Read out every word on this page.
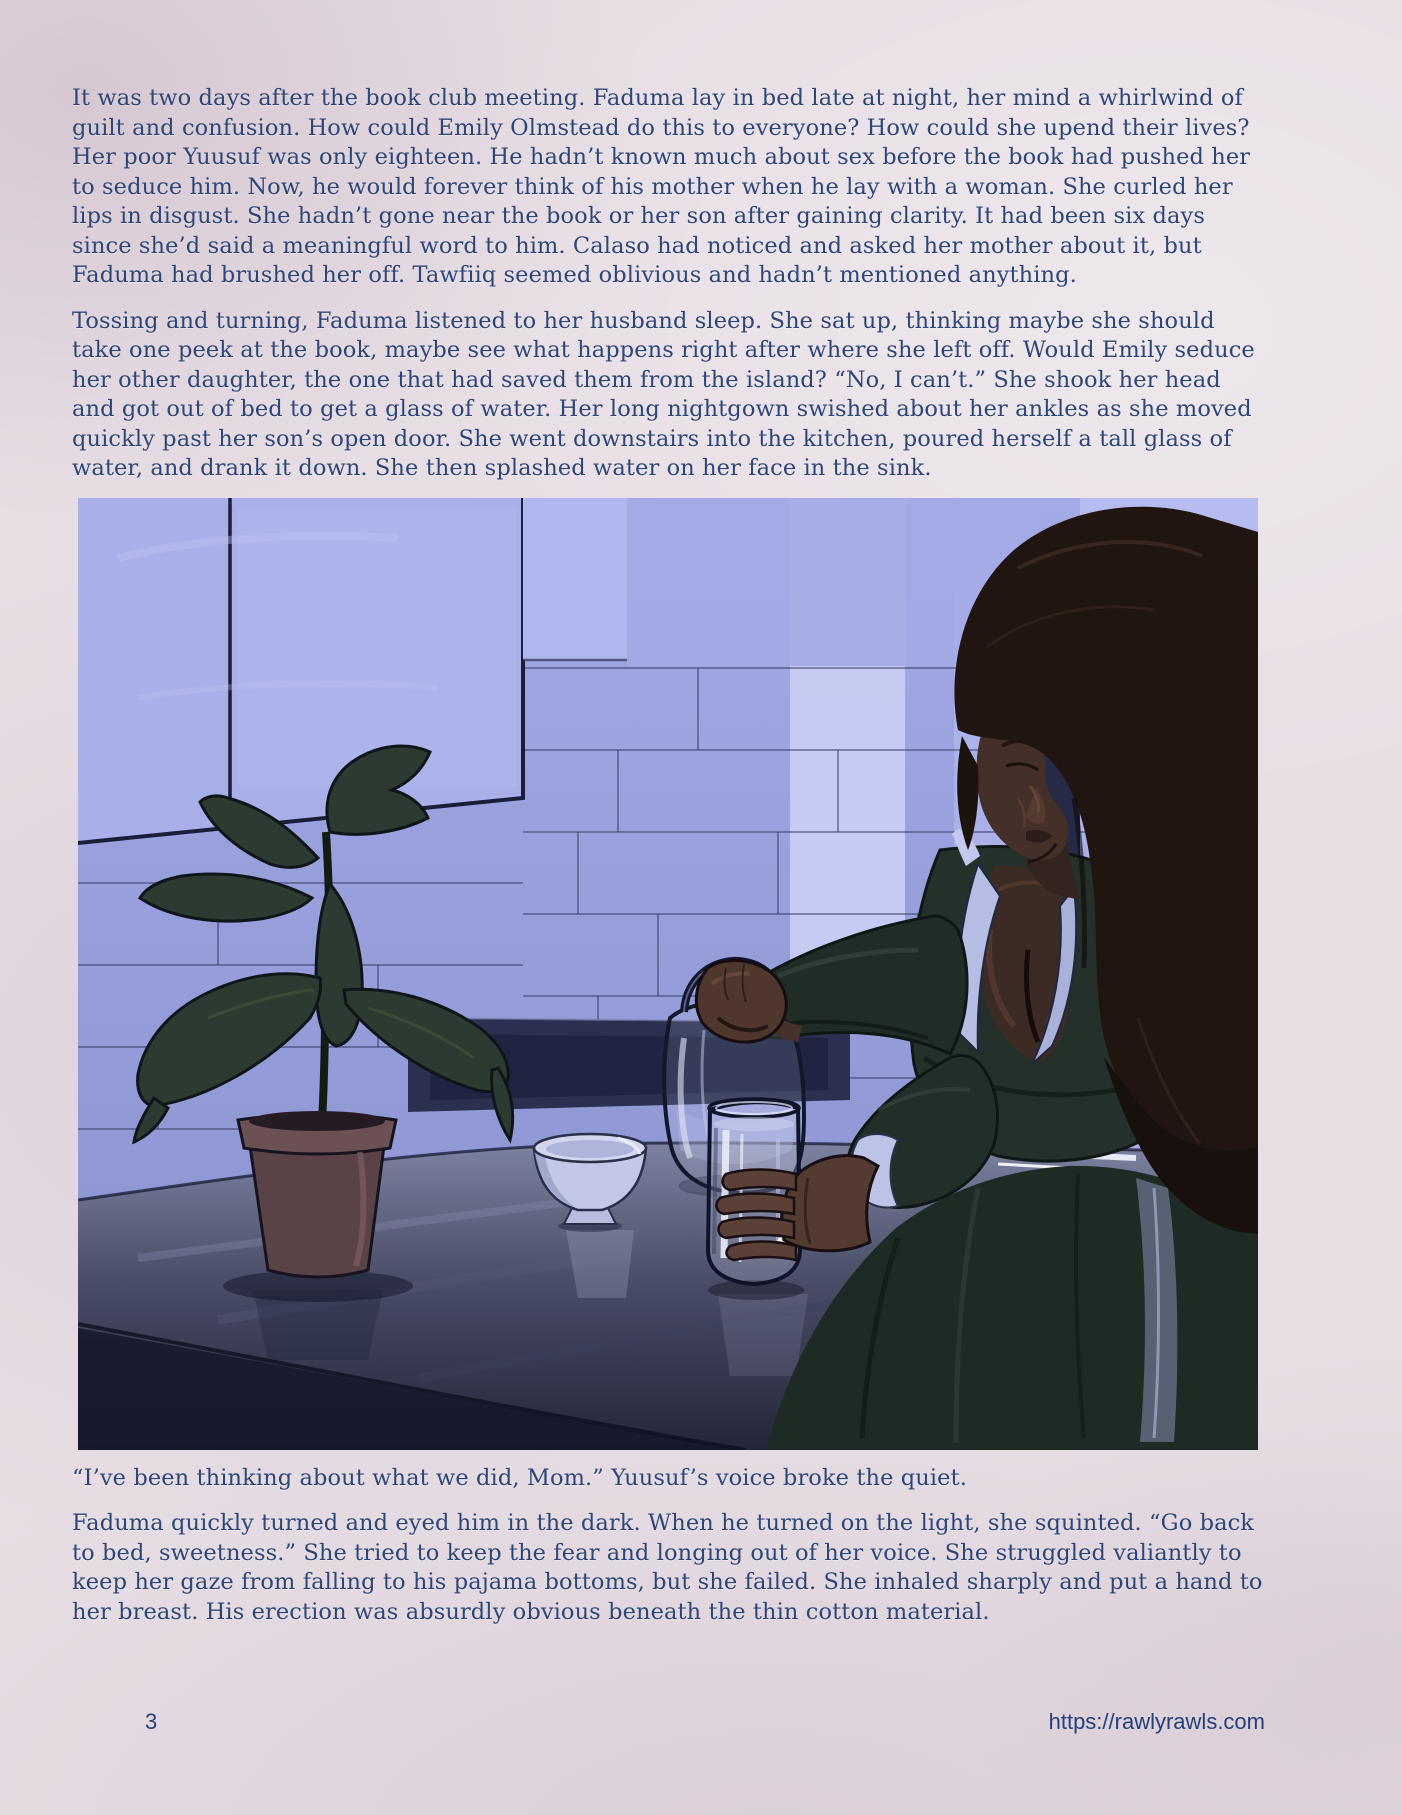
It was two days after the book club meeting. Faduma lay in bed late at night, her mind a whirlwind of guilt and confusion. How could Emily Olmstead do this to everyone? How could she upend their lives? Her poor Yuusuf was only eighteen. He hadn’t known much about sex before the book had pushed her to seduce him. Now, he would forever think of his mother when he lay with a woman. She curled her lips in disgust. She hadn’t gone near the book or her son after gaining clarity. It had been six days since she’d said a meaningful word to him. Calaso had noticed and asked her mother about it, but Faduma had brushed her off. Tawfiiq seemed oblivious and hadn’t mentioned anything.

Tossing and turning, Faduma listened to her husband sleep. She sat up, thinking maybe she should take one peek at the book, maybe see what happens right after where she left off. Would Emily seduce her other daughter, the one that had saved them from the island? “No, I can’t.” She shook her head and got out of bed to get a glass of water. Her long nightgown swished about her ankles as she moved quickly past her son’s open door. She went downstairs into the kitchen, poured herself a tall glass of water, and drank it down. She then splashed water on her face in the sink.

“I’ve been thinking about what we did, Mom.” Yuusuf’s voice broke the quiet.

Faduma quickly turned and eyed him in the dark. When he turned on the light, she squinted. “Go back to bed, sweetness.” She tried to keep the fear and longing out of her voice. She struggled valiantly to keep her gaze from falling to his pajama bottoms, but she failed. She inhaled sharply and put a hand to her breast. His erection was absurdly obvious beneath the thin cotton material.

3	https://rawlyrawls.com
